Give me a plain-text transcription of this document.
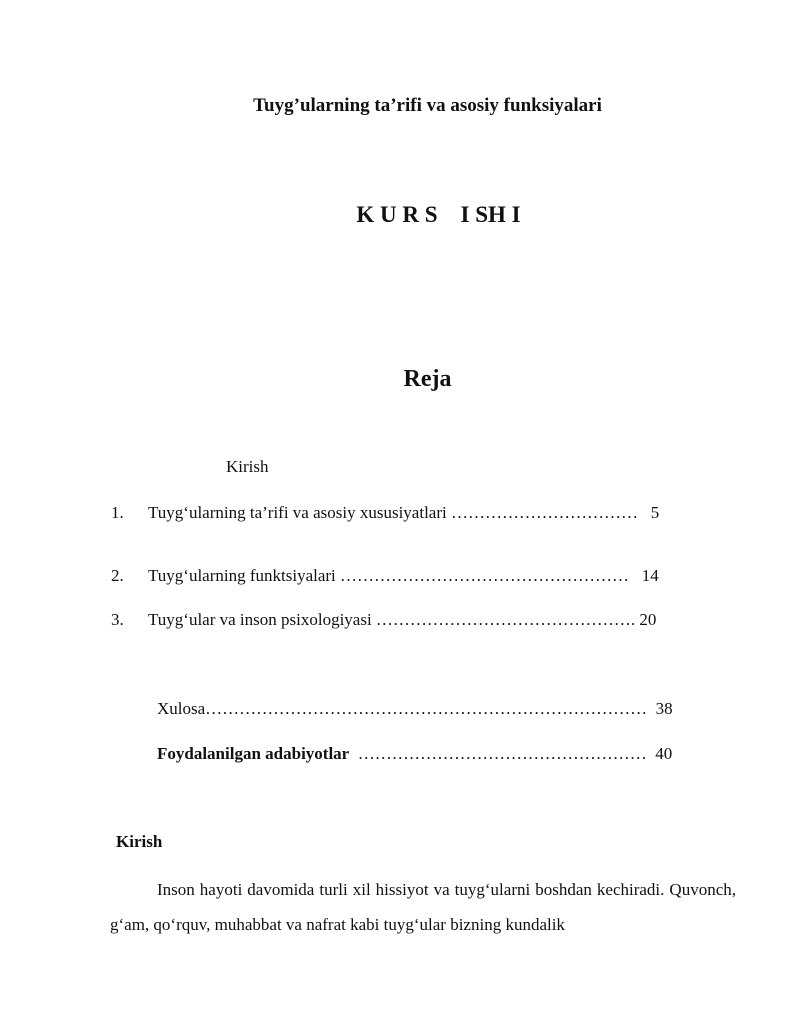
Tuyg’ularning ta’rifi va asosiy funksiyalari
K U R S    I SH I
Reja
Kirish
1. Tuyg‘ularning ta’rifi va asosiy xususiyatlari ……………………………   5
2. Tuyg‘ularning funktsiyalari ……………………………………………   14
3. Tuyg‘ular va inson psixologiyasi ………………………………………. 20
Xulosa……………………………………………………………………  38
Foydalanilgan adabiyotlar  ……………………………………………  40
Kirish

Inson hayoti davomida turli xil hissiyot va tuyg‘ularni boshdan kechiradi. Quvonch, g‘am, qo‘rquv, muhabbat va nafrat kabi tuyg‘ular bizning kundalik
